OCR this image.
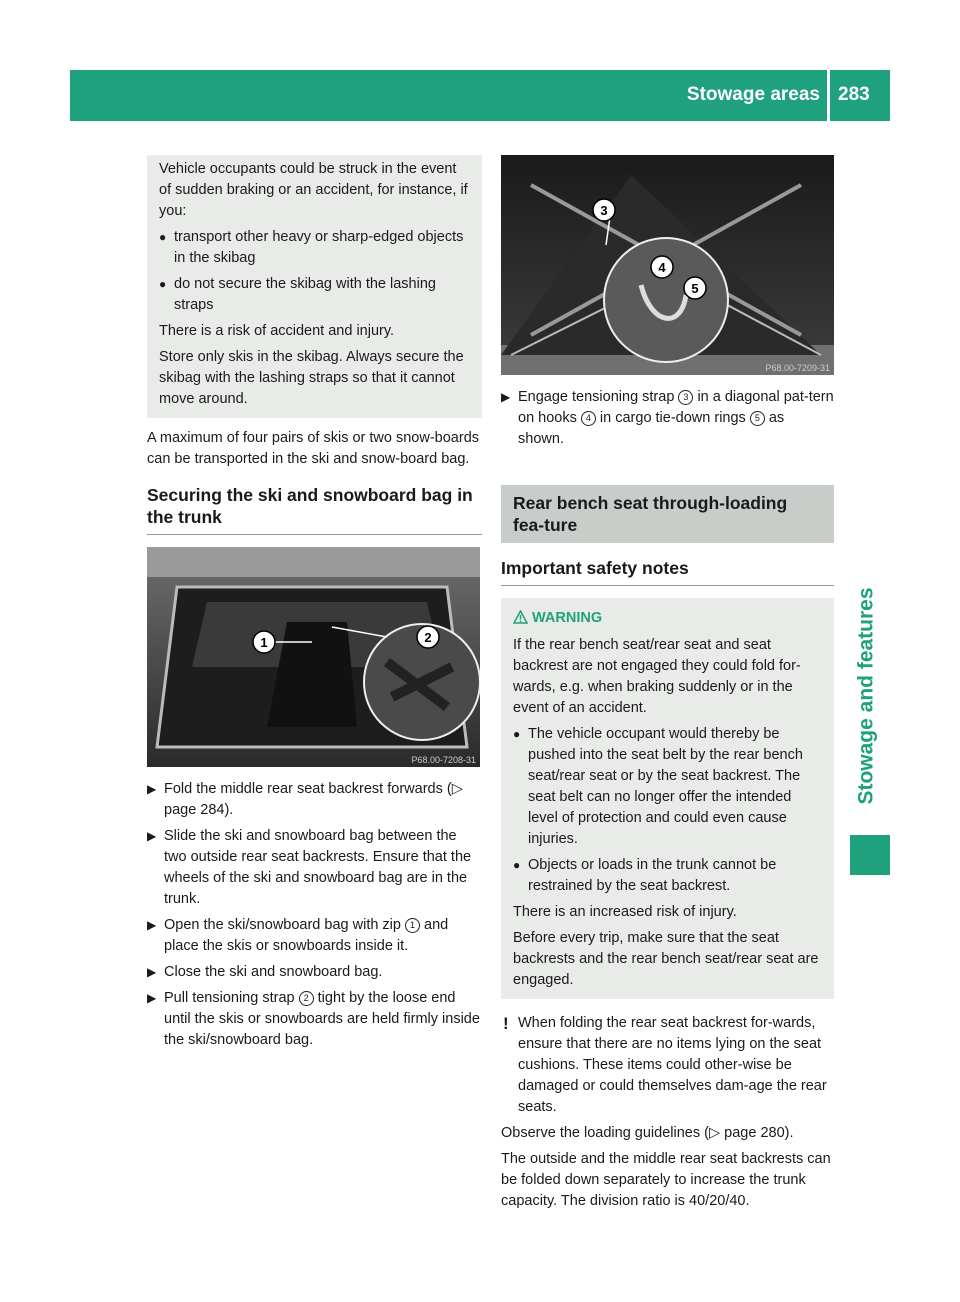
Stowage areas 283
Stowage and features

Vehicle occupants could be struck in the event of sudden braking or an accident, for instance, if you:

● transport other heavy or sharp-edged objects in the skibag
● do not secure the skibag with the lashing straps

There is a risk of accident and injury.

Store only skis in the skibag. Always secure the skibag with the lashing straps so that it cannot move around.

A maximum of four pairs of skis or two snow-boards can be transported in the ski and snow-board bag.

Securing the ski and snowboard bag in the trunk
1	2
P68.00-7208-31
▶ Fold the middle rear seat backrest forwards (▷ page 284).
▶ Slide the ski and snowboard bag between the two outside rear seat backrests. Ensure that the wheels of the ski and snowboard bag are in the trunk.
▶ Open the ski/snowboard bag with zip 1 and place the skis or snowboards inside it.
▶ Close the ski and snowboard bag.
▶ Pull tensioning strap 2 tight by the loose end until the skis or snowboards are held firmly inside the ski/snowboard bag.
3
4
5
P68.00-7209-31
▶ Engage tensioning strap 3 in a diagonal pat-tern on hooks 4 in cargo tie-down rings 5 as shown.
Rear bench seat through-loading fea-ture
Important safety notes
WARNING

If the rear bench seat/rear seat and seat backrest are not engaged they could fold for-wards, e.g. when braking suddenly or in the event of an accident.

● The vehicle occupant would thereby be pushed into the seat belt by the rear bench seat/rear seat or by the seat backrest. The seat belt can no longer offer the intended level of protection and could even cause injuries.
● Objects or loads in the trunk cannot be restrained by the seat backrest.

There is an increased risk of injury.

Before every trip, make sure that the seat backrests and the rear bench seat/rear seat are engaged.

! When folding the rear seat backrest for-wards, ensure that there are no items lying on the seat cushions. These items could other-wise be damaged or could themselves dam-age the rear seats.

Observe the loading guidelines (▷ page 280).

The outside and the middle rear seat backrests can be folded down separately to increase the trunk capacity. The division ratio is 40/20/40.
